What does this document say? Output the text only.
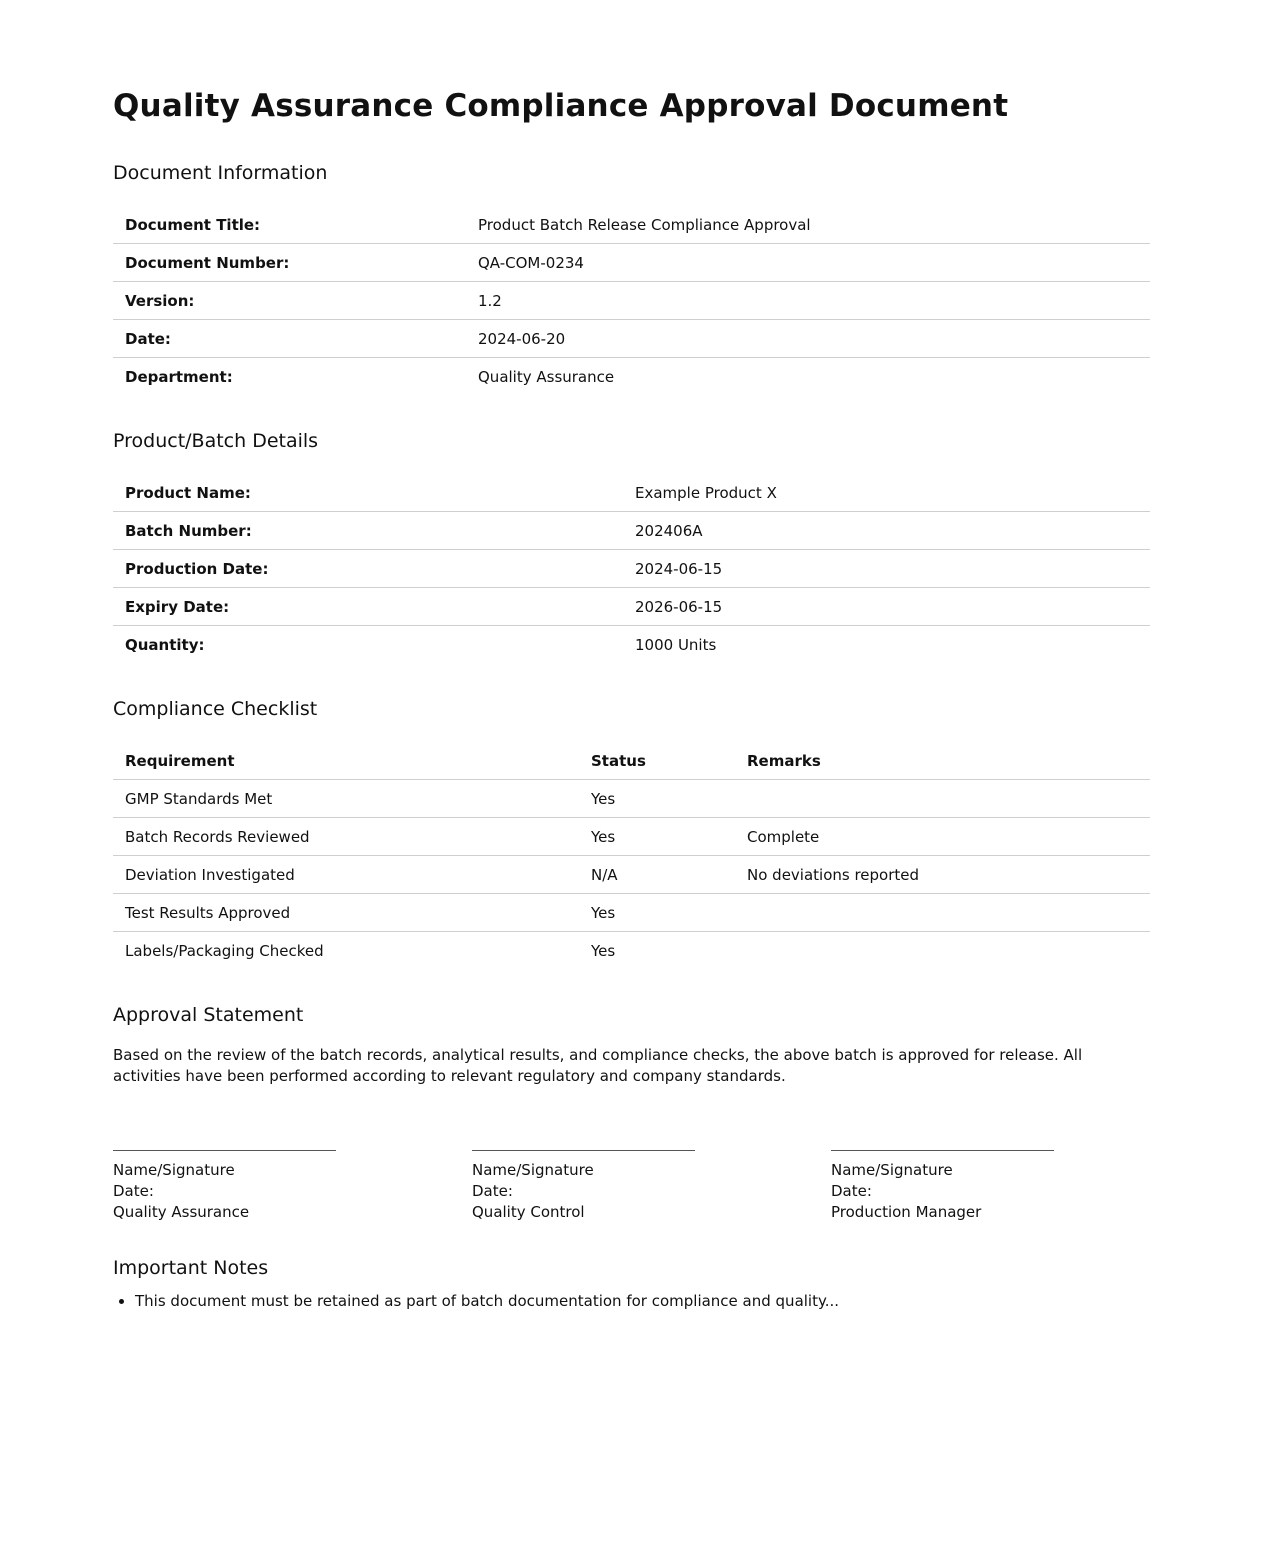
Quality Assurance Compliance Approval Document
Document Information
Document Title:	Product Batch Release Compliance Approval
Document Number:	QA-COM-0234
Version:	1.2
Date:	2024-06-20
Department:	Quality Assurance
Product/Batch Details
Product Name:	Example Product X
Batch Number:	202406A
Production Date:	2024-06-15
Expiry Date:	2026-06-15
Quantity:	1000 Units
Compliance Checklist
Requirement	Status	Remarks
GMP Standards Met	Yes	
Batch Records Reviewed	Yes	Complete
Deviation Investigated	N/A	No deviations reported
Test Results Approved	Yes	
Labels/Packaging Checked	Yes	
Approval Statement

Based on the review of the batch records, analytical results, and compliance checks, the above batch is approved for release. All activities have been performed according to relevant regulatory and company standards.

Name/Signature
Date:
Quality Assurance
Name/Signature
Date:
Quality Control
Name/Signature
Date:
Production Manager
Important Notes
• This document must be retained as part of batch documentation for compliance and quality...
